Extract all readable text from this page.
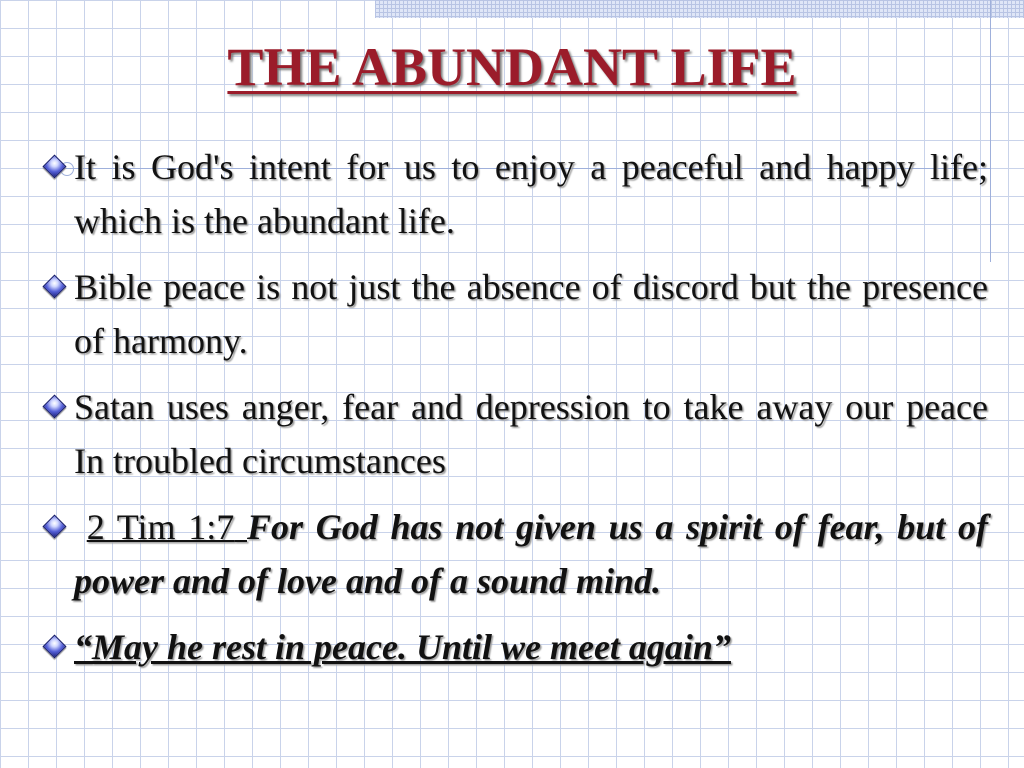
THE ABUNDANT LIFE
It is God's intent for us to enjoy a peaceful and happy life; which is the abundant life.
Bible peace is not just the absence of discord but the presence of harmony.
Satan uses anger, fear and depression to take away our peace In troubled circumstances
2 Tim 1:7 For God has not given us a spirit of fear, but of power and of love and of a sound mind.
“May he rest in peace. Until we meet again”
